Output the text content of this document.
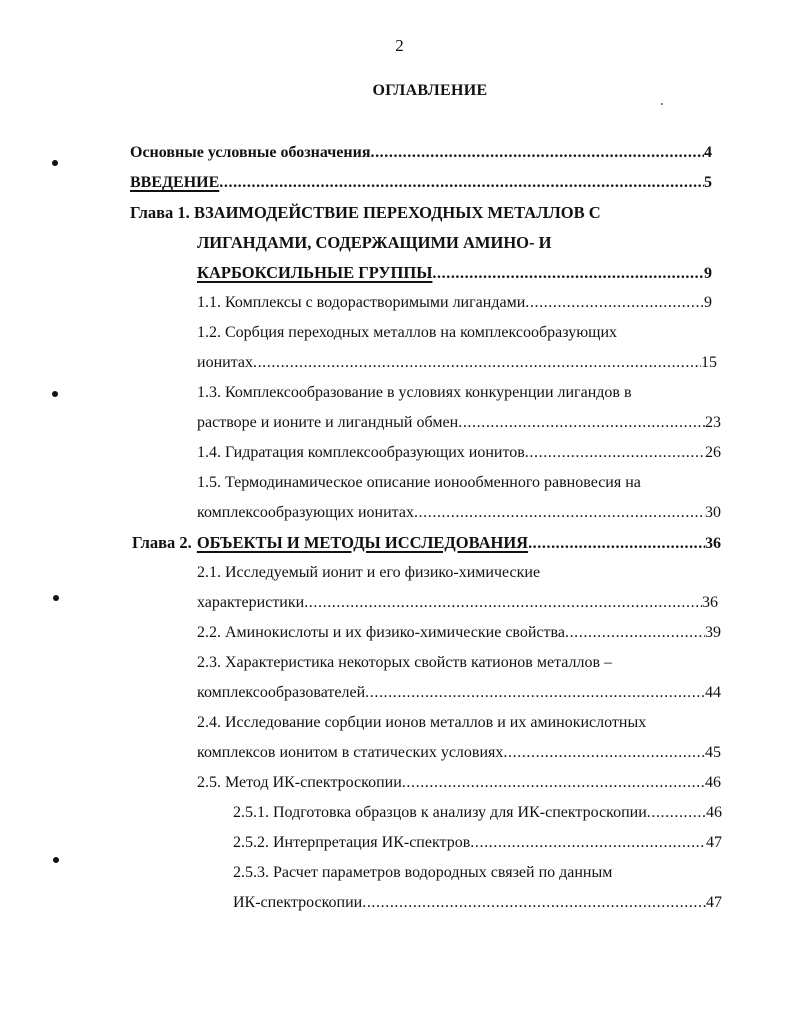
2
ОГЛАВЛЕНИЕ
Основные условные обозначения .....	4
ВВЕДЕНИЕ .....	5
Глава 1. ВЗАИМОДЕЙСТВИЕ ПЕРЕХОДНЫХ МЕТАЛЛОВ С
ЛИГАНДАМИ, СОДЕРЖАЩИМИ АМИНО- И
КАРБОКСИЛЬНЫЕ ГРУППЫ .....	9
1.1. Комплексы с водорастворимыми лигандами .....	9
1.2. Сорбция переходных металлов на комплексообразующих
ионитах .....	15
1.3. Комплексообразование в условиях конкуренции лигандов в
растворе и ионите и лигандный обмен .....	23
1.4. Гидратация комплексообразующих ионитов .....	26
1.5. Термодинамическое описание ионообменного равновесия на
комплексообразующих ионитах .....	30
Глава 2. ОБЪЕКТЫ И МЕТОДЫ ИССЛЕДОВАНИЯ .....	36
2.1. Исследуемый ионит и его физико-химические
характеристики .....	36
2.2. Аминокислоты и их физико-химические свойства .....	39
2.3. Характеристика некоторых свойств катионов металлов –
комплексообразователей .....	44
2.4. Исследование сорбции ионов металлов и их аминокислотных
комплексов ионитом в статических условиях .....	45
2.5. Метод ИК-спектроскопии .....	46
2.5.1. Подготовка образцов к анализу для ИК-спектроскопии .....	46
2.5.2. Интерпретация ИК-спектров .....	47
2.5.3. Расчет параметров водородных связей по данным
ИК-спектроскопии .....	47
